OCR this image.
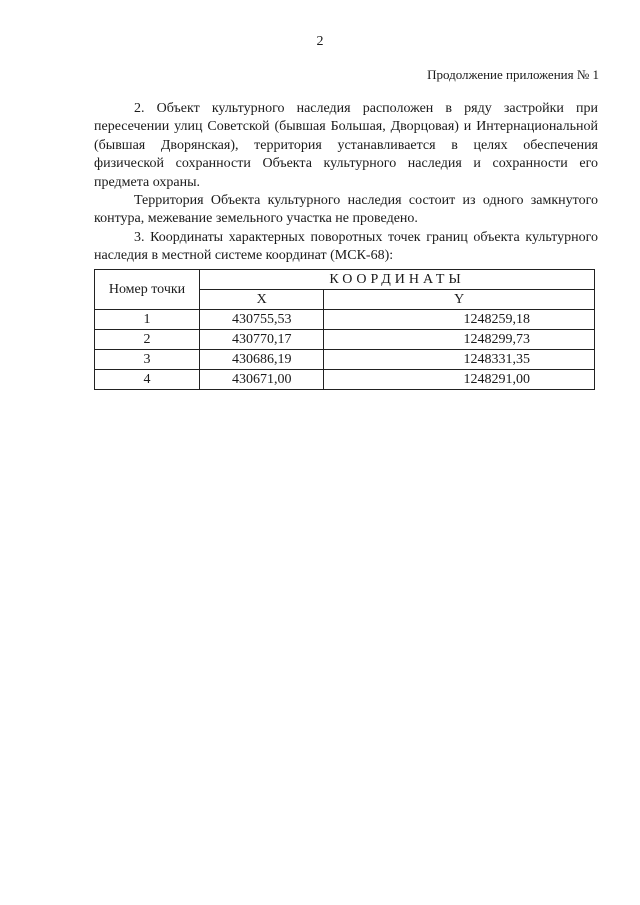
2
Продолжение приложения № 1

2. Объект культурного наследия расположен в ряду застройки при пересечении улиц Советской (бывшая Большая, Дворцовая) и Интернациональной (бывшая Дворянская), территория устанавливается в целях обеспечения физической сохранности Объекта культурного наследия и сохранности его предмета охраны.

Территория Объекта культурного наследия состоит из одного замкнутого контура, межевание земельного участка не проведено.

3. Координаты характерных поворотных точек границ объекта культурного наследия в местной системе координат (МСК-68):

Номер точки	КООРДИНАТЫ	
	X	Y
1	430755,53	1248259,18
2	430770,17	1248299,73
3	430686,19	1248331,35
4	430671,00	1248291,00
